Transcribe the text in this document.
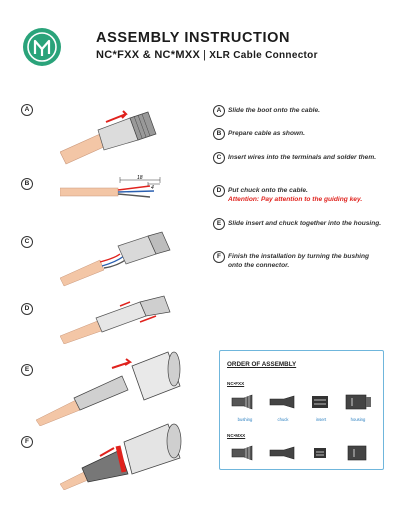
ASSEMBLY INSTRUCTION
NC*FXX & NC*MXX | XLR Cable Connector
A
B
C
D
E
F
18
4
A	Slide the boot onto the cable.
B	Prepare cable as shown.
C	Insert wires into the terminals and solder them.
D	Put chuck onto the cable.
Attention: Pay attention to the guiding key.
E	Slide insert and chuck together into the housing.
F	Finish the installation by turning the bushing onto the connector.
ORDER OF ASSEMBLY
NC•FXX
bushing	chuck	insert	housing
NC•MXX
